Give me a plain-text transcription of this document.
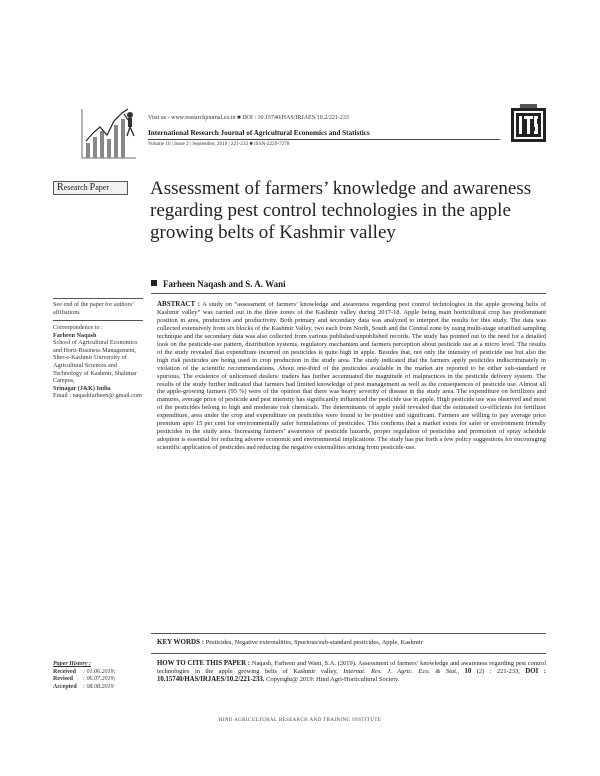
Visit us - www.researchjournal.co.in ■ DOI : 10.15740/HAS/IRJAES/10.2/221-233
International Research Journal of Agricultural Economics and Statistics
Volume 10 | Issue 2 | September, 2019 | 221-233 ■ ISSN-2229-7278
Research Paper	Assessment of farmers’ knowledge and awareness regarding pest control technologies in the apple growing belts of Kashmir valley
Farheen Naqash and S. A. Wani
See end of the paper for authors’ affiliations
Correspondence to :
Farheen Naqash
School of Agricultural Economics and Horti-Business Management, Sher-e-Kashmir University of Agricultural Sciences and Technology of Kashmir, Shalimar Campus,
Srinagar (J&K) India
Email : naqashfarheen@ gmail.com
ABSTRACT : A study on “assessment of farmers’ knowledge and awareness regarding pest control technologies in the apple growing belts of Kashmir valley” was carried out in the three zones of the Kashmir valley during 2017-18. Apple being main horticultural crop has predominant position in area, production and productivity. Both primary and secondary data was analyzed to interpret the results for this study. The data was collected extensively from six blocks of the Kashmir Valley, two each from North, South and the Central zone by using multi-stage stratified sampling technique and the secondary data was also collected from various published/unpublished records. The study has pointed out to the need for a detailed look on the pesticide-use pattern, distribution systems, regulatory mechanism and farmers perception about pesticide use at a micro level. The results of the study revealed that expenditure incurred on pesticides is quite high in apple. Besides that, not only the intensity of pesticide use but also the high risk pesticides are being used in crop production in the study area. The study indicated that the farmers apply pesticides indiscriminately in violation of the scientific recommendations. About one-third of the pesticides available in the market are reported to be either sub-standard or spurious. The existence of unlicensed dealers/ traders has further accentuated the magnitude of malpractices in the pesticide delivery system. The results of the study further indicated that farmers had limited knowledge of pest management as well as the consequences of pesticide use. Almost all the apple-growing farmers (95 %) were of the opinion that there was heavy severity of disease in the study area. The expenditure on fertilizers and manures, average price of pesticide and pest intensity has significantly influenced the pesticide use in apple. High pesticide use was observed and most of the pesticides belong to high and moderate risk chemicals. The determinants of apple yield revealed that the estimated co-efficients for fertilizer expenditure, area under the crop and expenditure on pesticides were found to be positive and significant. Farmers are willing to pay average price premium upto 15 per cent for environmentally safer formulations of pesticides. This confirms that a market exists for safer or environment friendly pesticides in the study area. Increasing farmers’ awareness of pesticide hazards, proper regulation of pesticides and promotion of spray schedule adoption is essential for reducing adverse economic and environmental implications. The study has put forth a few policy suggestions for encouraging scientific application of pesticides and reducing the negative externalities arising from pesticide-use.
KEY WORDS : Pesticides, Negative externalities, Spurious/sub-standard pesticides, Apple, Kashmir
HOW TO CITE THIS PAPER : Naqash, Farheen and Wani, S.A. (2019). Assessment of farmers’ knowledge and awareness regarding pest control technologies in the apple growing belts of Kashmir valley. Internat. Res. J. Agric. Eco. & Stat., 10 (2) : 221-233, DOI : 10.15740/HAS/IRJAES/10.2/221-233. Copyright@ 2019: Hind Agri-Horticultural Society.
Paper History :
Received : 01.06.2019;
Revised : 06.07.2019;
Accepted : 08.08.2019
HIND AGRICULTURAL RESEARCH AND TRAINING INSTITUTE
